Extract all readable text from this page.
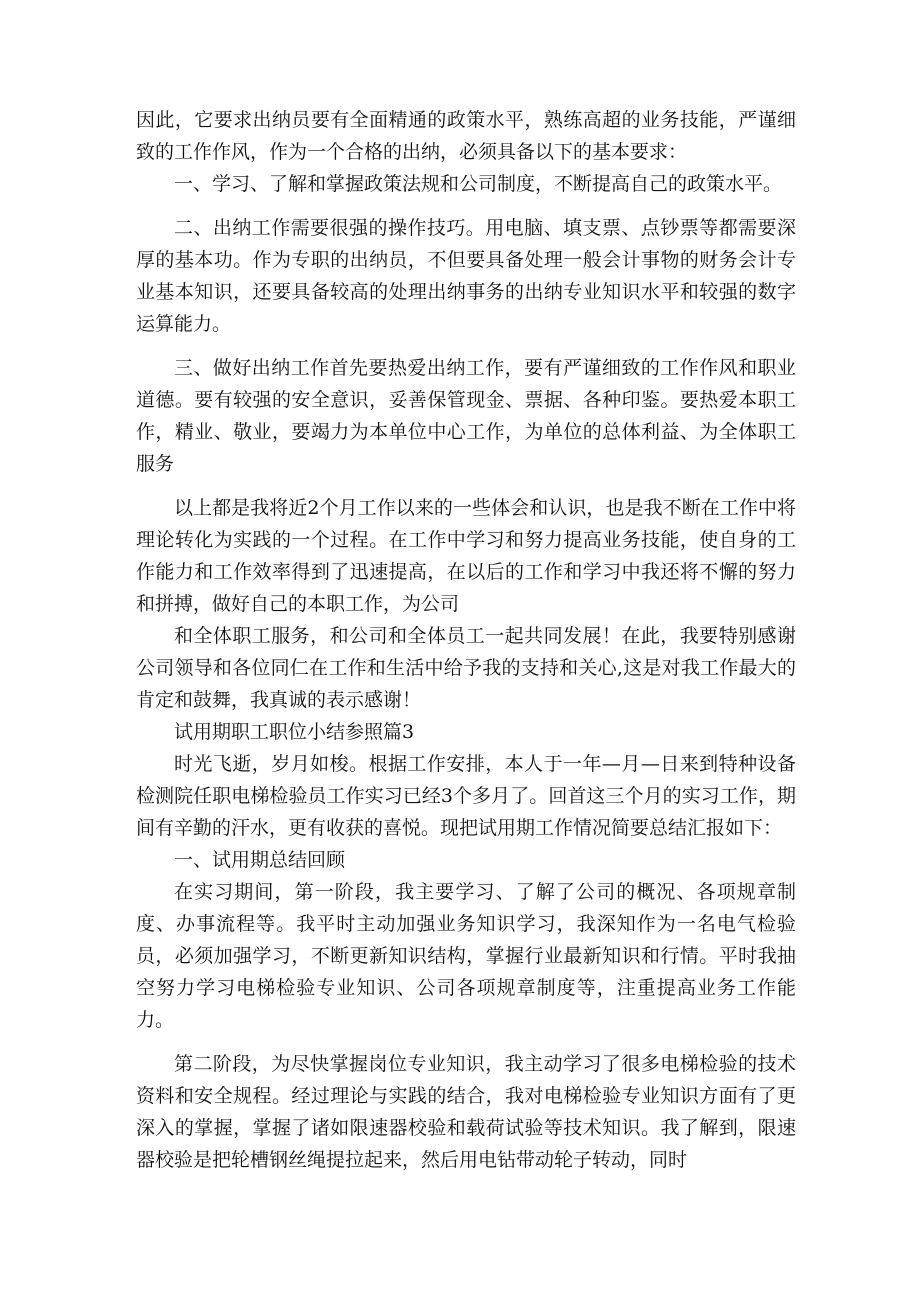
因此，它要求出纳员要有全面精通的政策水平，熟练高超的业务技能，严谨细致的工作作风，作为一个合格的出纳，必须具备以下的基本要求：

一、学习、了解和掌握政策法规和公司制度，不断提高自己的政策水平。

二、出纳工作需要很强的操作技巧。用电脑、填支票、点钞票等都需要深厚的基本功。作为专职的出纳员，不但要具备处理一般会计事物的财务会计专业基本知识，还要具备较高的处理出纳事务的出纳专业知识水平和较强的数字运算能力。

三、做好出纳工作首先要热爱出纳工作，要有严谨细致的工作作风和职业道德。要有较强的安全意识，妥善保管现金、票据、各种印鉴。要热爱本职工作，精业、敬业，要竭力为本单位中心工作，为单位的总体利益、为全体职工服务

以上都是我将近2个月工作以来的一些体会和认识，也是我不断在工作中将理论转化为实践的一个过程。在工作中学习和努力提高业务技能，使自身的工作能力和工作效率得到了迅速提高，在以后的工作和学习中我还将不懈的努力和拼搏，做好自己的本职工作，为公司

和全体职工服务，和公司和全体员工一起共同发展！在此，我要特别感谢公司领导和各位同仁在工作和生活中给予我的支持和关心,这是对我工作最大的肯定和鼓舞，我真诚的表示感谢！

试用期职工职位小结参照篇3

时光飞逝，岁月如梭。根据工作安排，本人于一年—月—日来到特种设备检测院任职电梯检验员工作实习已经3个多月了。回首这三个月的实习工作，期间有辛勤的汗水，更有收获的喜悦。现把试用期工作情况简要总结汇报如下：

一、试用期总结回顾

在实习期间，第一阶段，我主要学习、了解了公司的概况、各项规章制度、办事流程等。我平时主动加强业务知识学习，我深知作为一名电气检验员，必须加强学习，不断更新知识结构，掌握行业最新知识和行情。平时我抽空努力学习电梯检验专业知识、公司各项规章制度等，注重提高业务工作能力。

第二阶段，为尽快掌握岗位专业知识，我主动学习了很多电梯检验的技术资料和安全规程。经过理论与实践的结合，我对电梯检验专业知识方面有了更深入的掌握，掌握了诸如限速器校验和载荷试验等技术知识。我了解到，限速器校验是把轮槽钢丝绳提拉起来，然后用电钻带动轮子转动，同时
